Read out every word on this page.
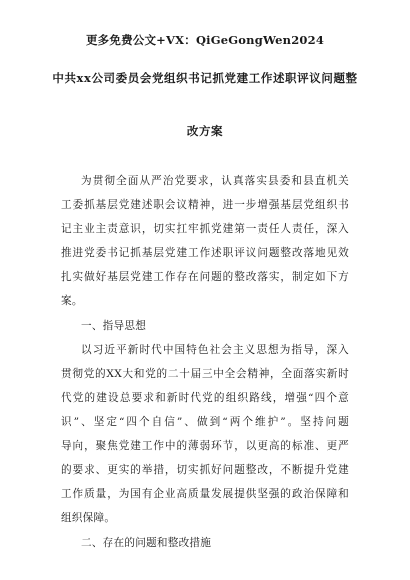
更多免费公文+VX：QiGeGongWen2024
中共xx公司委员会党组织书记抓党建工作述职评议问题整
改方案
为贯彻全面从严治党要求，认真落实县委和县直机关
工委抓基层党建述职会议精神，进一步增强基层党组织书
记主业主责意识，切实扛牢抓党建第一责任人责任，深入
推进党委书记抓基层党建工作述职评议问题整改落地见效
扎实做好基层党建工作存在问题的整改落实，制定如下方
案。
一、指导思想
以习近平新时代中国特色社会主义思想为指导，深入
贯彻党的XX大和党的二十届三中全会精神，全面落实新时
代党的建设总要求和新时代党的组织路线，增强“四个意
识”、坚定“四个自信”、做到“两个维护”。坚持问题
导向，聚焦党建工作中的薄弱环节，以更高的标准、更严
的要求、更实的举措，切实抓好问题整改，不断提升党建
工作质量，为国有企业高质量发展提供坚强的政治保障和
组织保障。
二、存在的问题和整改措施
